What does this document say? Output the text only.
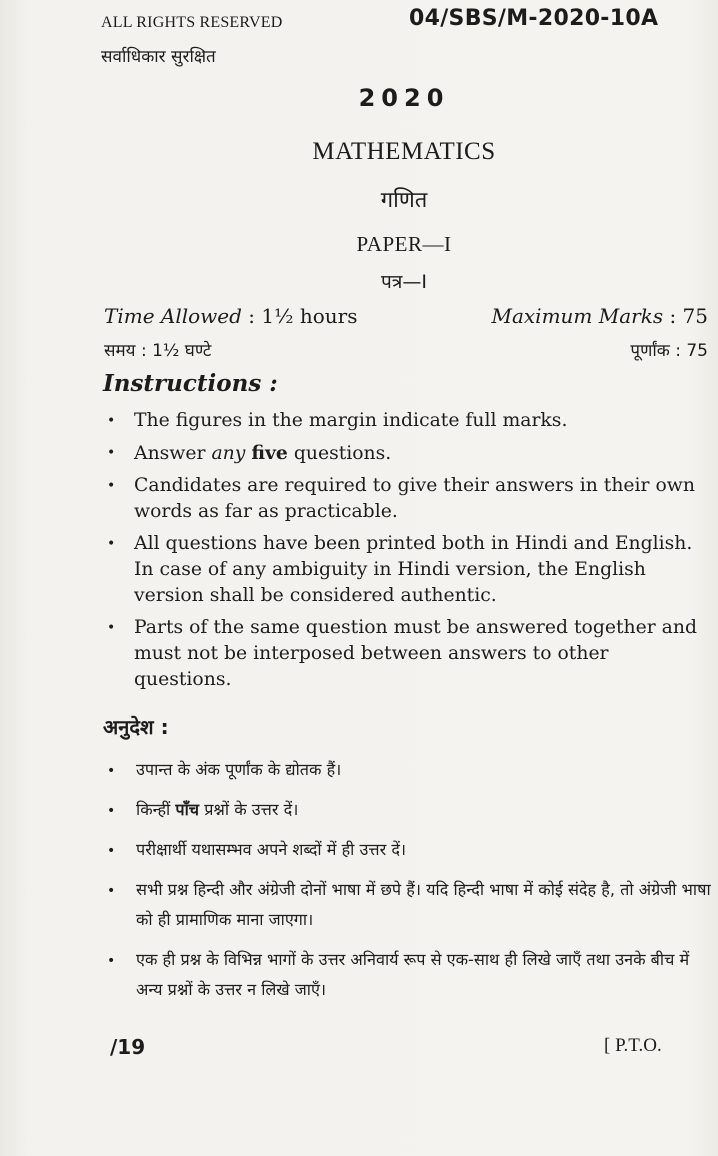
ALL RIGHTS RESERVED
सर्वाधिकार सुरक्षित
04/SBS/M-2020-10A
2020
MATHEMATICS
गणित
PAPER—I
पत्र—I
Time Allowed : 1½ hours
समय : 1½ घण्टे
Maximum Marks : 75
पूर्णांक : 75
Instructions :
• The figures in the margin indicate full marks.
• Answer any five questions.
• Candidates are required to give their answers in their own words as far as practicable.
• All questions have been printed both in Hindi and English. In case of any ambiguity in Hindi version, the English version shall be considered authentic.
• Parts of the same question must be answered together and must not be interposed between answers to other questions.
अनुदेश :
• उपान्त के अंक पूर्णांक के द्योतक हैं।
• किन्हीं पाँच प्रश्नों के उत्तर दें।
• परीक्षार्थी यथासम्भव अपने शब्दों में ही उत्तर दें।
• सभी प्रश्न हिन्दी और अंग्रेजी दोनों भाषा में छपे हैं। यदि हिन्दी भाषा में कोई संदेह है, तो अंग्रेजी भाषा को ही प्रामाणिक माना जाएगा।
• एक ही प्रश्न के विभिन्न भागों के उत्तर अनिवार्य रूप से एक-साथ ही लिखे जाएँ तथा उनके बीच में अन्य प्रश्नों के उत्तर न लिखे जाएँ।
/19	[ P.T.O.
